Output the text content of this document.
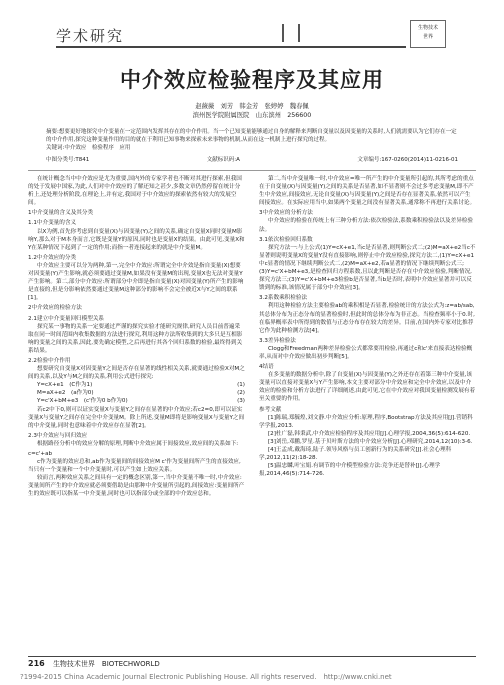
学术研究	生物技术
世界
中介效应检验程序及其应用
赵薇薇　刘芳　韩金芳　张婷婷　魏春佩
滨州医学院附属医院　山东滨州　256600
摘要:想要更好地探究中介变量在一定范围内发挥其存在的中介作用。当一个已知变量能够通过自身的解释来判断自变量以及因变量的关系时,人们就需要认为它们存在一定的中介作用,探究这种变量作用的目的就在于利用已知事物来探索未来事物的机制,从而在这一机制上进行探究的过程。
关键词:中介效应　检验程序　应用
中图分类号:T841	文献标识码:A	文章编号:167-0260(2014)11-0216-01

在统计概念当中中介效应是尤为重要,国内外的专家学者也不断对其进行探索,但我国的处于发展中国家,为此,人们对中介效应的了解还知之甚少,多数文章仍然停留在统计分析上,还处理分析阶段,在理论上,并有定,我国对于中介效应的探索依然有较大的发展空间。

1中介变量的含义及其分类

1.1中介变量的含义

以X为例,首先你考虑到自变量(X)与因变量(Y)之间的关系,确定自变量X同时变量M影响Y,那么对于M本身而言,它既是变量Y的原因,同时也是变量X的结果。由此可见,变量X和Y在某种情况下起到了一定的作用;而指一者连接起来的就是中介变量M。

1.2中介效应的分类

中介效应主要可以分为两种,第一,完全中介效应:所谓完全中介效是指自变量(X)想要对因变量(Y)产生影响,就必须要通过变量M,如果没有变量M的出现,变量X也无法对变量Y产生影响。第二,部分中介效应:所谓部分中介即是指自变量(X)对因变量(Y)所产生的影响是直接的,但是分影响依然要通过变量M这种部分的影响不会完全被近X与Y之间的联系[1]。

2中介效应的检验方法

2.1建立中介变量回归模型关系

探究某一事物的关系一定要通过严谨的探究实验才能研究规律,研究人员目前普遍采取在同一时间范围内收集数据的方法进行探究,利用这种方法所收集到的大多只是互相影响的变量之间的关系,因此,要先确定模型,之后再进行其各个回归系数的检验,最终得到关系结果。

2.2检验中介作用

想要研究自变量X对因变量Y之间是否存在显著的线性相关关系,就要通过检验X对M之间的关系,以及Y与M之间的关系,利用公式进行探究:

Y=cX+e1　(C作为1)	(1)

M=aX+e2　(a作为0)	(2)

Y=c'X+bM+e3　(c'作为0 b作为0)	(3)

若c2中下0,则可以证实变量X与变量Y之间存在显著的中介效应;若c2=0,即可以证实变量X与变量Y之间存在完全中介变量M。除上所述,变量M即将是影响变量X与变量Y之间的中介变量,同时也意味着中介效应存在显著[2]。

2.3中介效应与回归效应

根据路径分析中的效应分解的原理,判断中介效应属于间接效应,效应间的关系如下:

c=c'+ab

c作为变量的效应总和,ab作为变量间的间接效应M c'作为变量间所产生的直接效应,当只有一个变量和一个中介变量时,可以产生如上效应关系。

较而言,两种效应关系之间具有一定的概念区别,第一,当中介变量不唯一时,中介效应:变量间所产生的中介效应就必须要借助是由那种中介变量所引起的,间接效应:变量间所产生的效应既可以指某一中介变量,同时也可以指部分或全部的中介效应总和。

第二,当中介变量唯一时,中介效应=唯一所产生的中介变量所引起的,其所考虑的重点在于自变量(X)与因变量(Y)之间的关系是否显著,如不显著则不会过多考虑变量M,即不产生中介效应,间接效应,无论自变量(X)与因变量(Y)之间是否存在显著关系,依然可以产生间接效应。在实际应用当中,如果两个变量之间没有显著关系,通常称不再进行关系讨论。

3中介效应的分析方法

中介效应的检验在传统上有三种分析方法:依次检验法,系数乘积检验法以及差异检验法。

3.1依次检验回归系数

探究方法一:与上公式(1)Y=cX+e1,当c是否显著,则判断公式二;(2)M=aX+e2当c不显著则说明变量X的变量Y没有直接影响,则停止中介效应检验,探究方法二,(1)Y=cX+e1中c显著的情况下继续判断公式二,(2)M=aX+e2,若a显著的情况下继续判断公式三;(3)Y=c'X+bM+e3,是检查回归方程系数,且以此判断是否存在中介效应检验,判断情况,探究方法三;(3)Y=c'X+bM+e3检验b是否显著,当b是否时,表明中介效应显著并可以反馈到的标准,该情况属于部分中介效应[3]。

3.2系数乘积检验法

利用这种检验方法主要检验ab的乘积相是否显著,检验统计的方法公式为:z=ab/sab,其总体分布为正态分布的显著检验时,但此时的总体分布为非正态。当检查频率小于0.时,在临界概率表中所得到的数值与正态分布存在较大的差异。目前,在国内外专家对比推荐它作为此种检测方法[4]。

3.3差异检验法

Clogg和Freedman两种差异检验公式都常要用检验,再通过c和c'来直接表达检验概率,从而对中介效应做出初步判断[5]。

4结语

在多变量的数据分析中,除了自变量(X)与因变量(Y)之外还存在着第三种中介变量,该变量可以直接对变量X与Y产生影响,本文主要对部分中介效应和完全中介效应,以及中介效应的检验和分析方法进行了详细阐述,由此可见,它在中介效应对我国变量检测发展有着至关重要的作用。

参考文献

[1]陈瑞,郑毓煌,刘文静.中介效应分析:原理,程序,Bootstrap方法及其应用[J].营销科学学报,2013.

[2]杜广磊,韩秉武,中介效应检验程序及其应用[J].心理学报,2004,36(5):614-620.

[3]刘岳,邓鹏,罗星.基于贝叶斯方法的中介效应分析[J].心理研究,2014,12(10):3-6.

[4]王孟成,戴海琦,陆子.领导风格与员工创新行为的关系研究[J].社会心理科学,2012,11(2):18-28.

[5]温忠麟,叶宝娟.有调节的中介模型检验方法:竞争还是替补[J].心理学报,2014,46(5):714-726.

216 生物技术世界　BIOTECHWORLD
?1994-2015 China Academic Journal Electronic Publishing House. All rights reserved.　http://www.cnki.net
